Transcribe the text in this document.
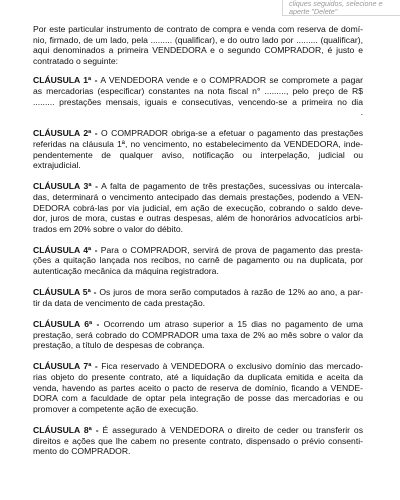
cliques seguidos, selecione e aperte "Delete"

Por este particular instrumento de contrato de compra e venda com reserva de domí-
nio, firmado, de um lado, pela ......... (qualificar), e do outro lado por ......... (qualificar),
aqui denominados a primeira VENDEDORA e o segundo COMPRADOR, é justo e
contratado o seguinte:

CLÁUSULA 1ª - A VENDEDORA vende e o COMPRADOR se compromete a pagar
as mercadorias (especificar) constantes na nota fiscal n° ........., pelo preço de R$
......... prestações mensais, iguais e consecutivas, vencendo-se a primeira no dia
.

CLÁUSULA 2ª - O COMPRADOR obriga-se a efetuar o pagamento das prestações
referidas na cláusula 1ª, no vencimento, no estabelecimento da VENDEDORA, inde-
pendentemente de qualquer aviso, notificação ou interpelação, judicial ou extrajudicial.

CLÁUSULA 3ª - A falta de pagamento de três prestações, sucessivas ou intercala-
das, determinará o vencimento antecipado das demais prestações, podendo a VEN-
DEDORA cobrá-las por via judicial, em ação de execução, cobrando o saldo deve-
dor, juros de mora, custas e outras despesas, além de honorários advocatícios arbi-
trados em 20% sobre o valor do débito.

CLÁUSULA 4ª - Para o COMPRADOR, servirá de prova de pagamento das presta-
ções a quitação lançada nos recibos, no carnê de pagamento ou na duplicata, por
autenticação mecânica da máquina registradora.

CLÁUSULA 5ª - Os juros de mora serão computados à razão de 12% ao ano, a par-
tir da data de vencimento de cada prestação.

CLÁUSULA 6ª - Ocorrendo um atraso superior a 15 dias no pagamento de uma
prestação, será cobrado do COMPRADOR uma taxa de 2% ao mês sobre o valor da
prestação, a título de despesas de cobrança.

CLÁUSULA 7ª - Fica reservado à VENDEDORA o exclusivo domínio das mercado-
rias objeto do presente contrato, até a liquidação da duplicata emitida e aceita da
venda, havendo as partes aceito o pacto de reserva de domínio, ficando a VENDE-
DORA com a faculdade de optar pela integração de posse das mercadorias e ou
promover a competente ação de execução.

CLÁUSULA 8ª - É assegurado à VENDEDORA o direito de ceder ou transferir os
direitos e ações que lhe cabem no presente contrato, dispensado o prévio consenti-
mento do COMPRADOR.
